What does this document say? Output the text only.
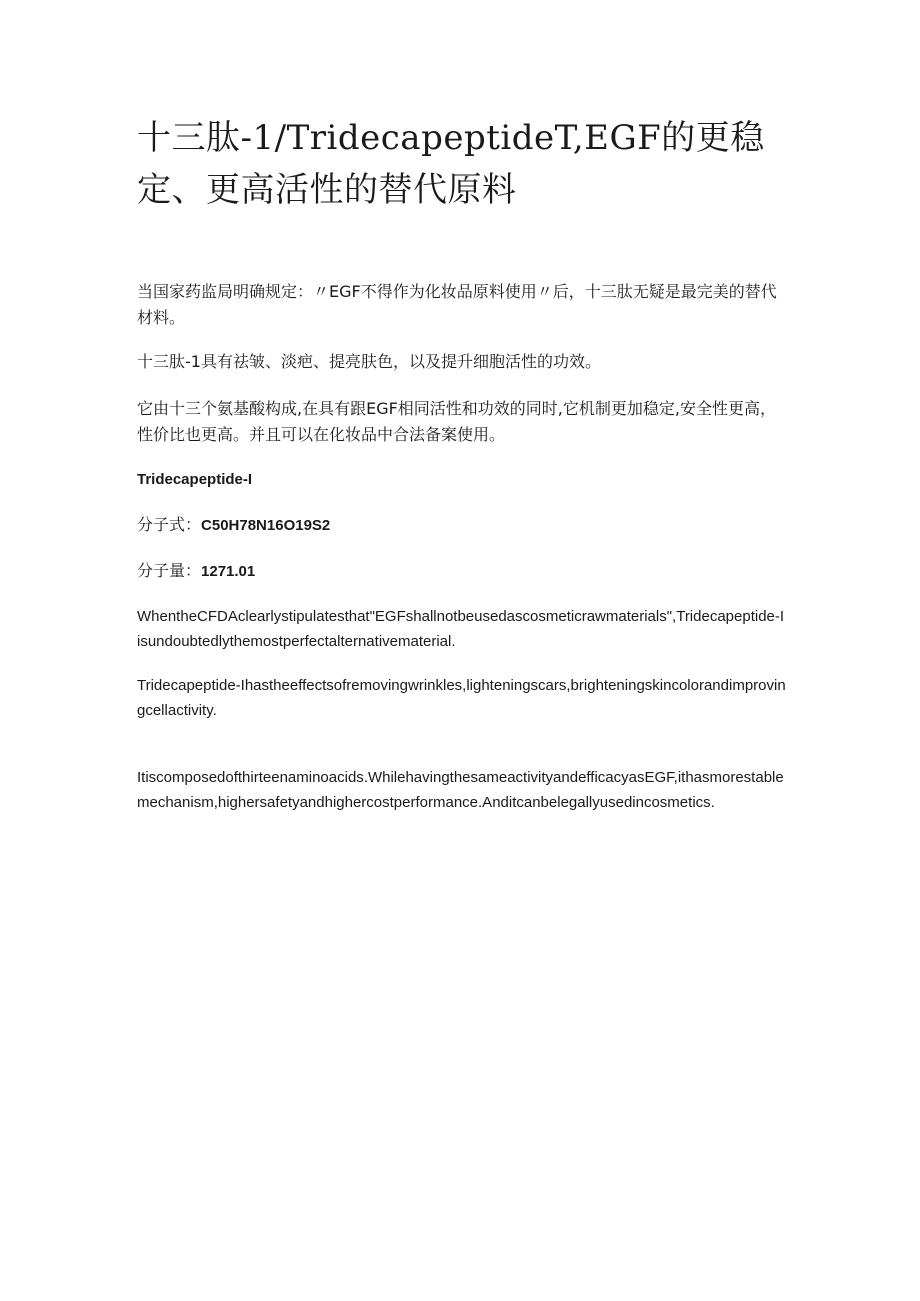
十三肽-1/TridecapeptideT,EGF的更稳定、更高活性的替代原料

当国家药监局明确规定：〃EGF不得作为化妆品原料使用〃后，十三肽无疑是最完美的替代材料。

十三肽-1具有祛皱、淡疤、提亮肤色，以及提升细胞活性的功效。

它由十三个氨基酸构成,在具有跟EGF相同活性和功效的同时,它机制更加稳定,安全性更高，性价比也更高。并且可以在化妆品中合法备案使用。

Tridecapeptide-I

分子式：C50H78N16O19S2

分子量：1271.01

WhentheCFDAclearlystipulatesthat"EGFshallnotbeusedascosmeticrawmaterials",Tridecapeptide-Iisundoubtedlythemostperfectalternativematerial.

Tridecapeptide-Ihastheeffectsofremovingwrinkles,lighteningscars,brighteningskincolorandimprovingcellactivity.

Itiscomposedofthirteenaminoacids.WhilehavingthesameactivityandefficacyasEGF,ithasmorestablemechanism,highersafetyandhighercostperformance.Anditcanbelegallyusedincosmetics.
